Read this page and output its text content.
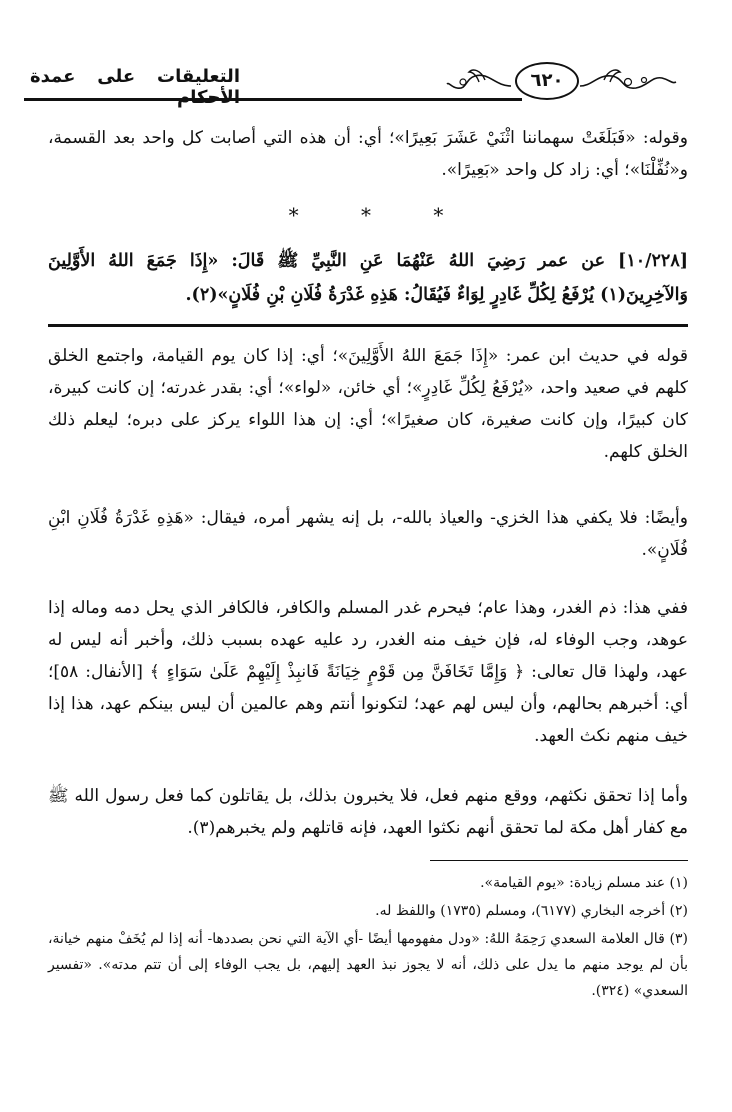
التعليقات على عمدة	٦٢٠
وقوله: «فَبَلَغَتْ سهماننا اثْنَيْ عَشَرَ بَعِيرًا»؛ أي: أن هذه التي أصابت كل واحد بعد القسمة، و«نُفِّلْنَا»؛ أي: زاد كل واحد «بَعِيرًا».
*	*	*
[١٠/٢٢٨] عن عمر رَضِيَ اللهُ عَنْهُمَا عَنِ النَّبِيِّ ﷺ قَالَ: «إِذَا جَمَعَ اللهُ الأَوَّلِينَ وَالآخِرِينَ(١) يُرْفَعُ لِكُلِّ غَادِرٍ لِوَاءٌ فَيُقَالُ: هَذِهِ غَدْرَةُ فُلَانِ بْنِ فُلَانٍ»(٢).
قوله في حديث ابن عمر: «إِذَا جَمَعَ اللهُ الأَوَّلِينَ»؛ أي: إذا كان يوم القيامة، واجتمع الخلق كلهم في صعيد واحد، «يُرْفَعُ لِكُلِّ غَادِرٍ»؛ أي خائن، «لواء»؛ أي: بقدر غدرته؛ إن كانت كبيرة، كان كبيرًا، وإن كانت صغيرة، كان صغيرًا»؛ أي: إن هذا اللواء يركز على دبره؛ ليعلم ذلك الخلق كلهم.
وأيضًا: فلا يكفي هذا الخزي- والعياذ بالله-، بل إنه يشهر أمره، فيقال: «هَذِهِ غَدْرَةُ فُلَانِ ابْنِ فُلَانٍ».
ففي هذا: ذم الغدر، وهذا عام؛ فيحرم غدر المسلم والكافر، فالكافر الذي يحل دمه وماله إذا عوهد، وجب الوفاء له، فإن خيف منه الغدر، رد عليه عهده بسبب ذلك، وأخبر أنه ليس له عهد، ولهذا قال تعالى: ﴿ وَإِمَّا تَخَافَنَّ مِن قَوْمٍ خِيَانَةً فَانبِذْ إِلَيْهِمْ عَلَىٰ سَوَاءٍ ﴾ [الأنفال: ٥٨]؛ أي: أخبرهم بحالهم، وأن ليس لهم عهد؛ لتكونوا أنتم وهم عالمين أن ليس بينكم عهد، هذا إذا خيف منهم نكث العهد.
وأما إذا تحقق نكثهم، ووقع منهم فعل، فلا يخبرون بذلك، بل يقاتلون كما فعل رسول الله ﷺ مع كفار أهل مكة لما تحقق أنهم نكثوا العهد، فإنه قاتلهم ولم يخبرهم(٣).
(١) عند مسلم زيادة: «يوم القيامة».
(٢) أخرجه البخاري (٦١٧٧)، ومسلم (١٧٣٥) واللفظ له.
(٣) قال العلامة السعدي رَحِمَهُ اللهُ: «ودل مفهومها أيضًا -أي الآية التي نحن بصددها- أنه إذا لم يُخَفْ منهم خيانة، بأن لم يوجد منهم ما يدل على ذلك، أنه لا يجوز نبذ العهد إليهم، بل يجب الوفاء إلى أن تتم مدته». «تفسير السعدي» (٣٢٤).
